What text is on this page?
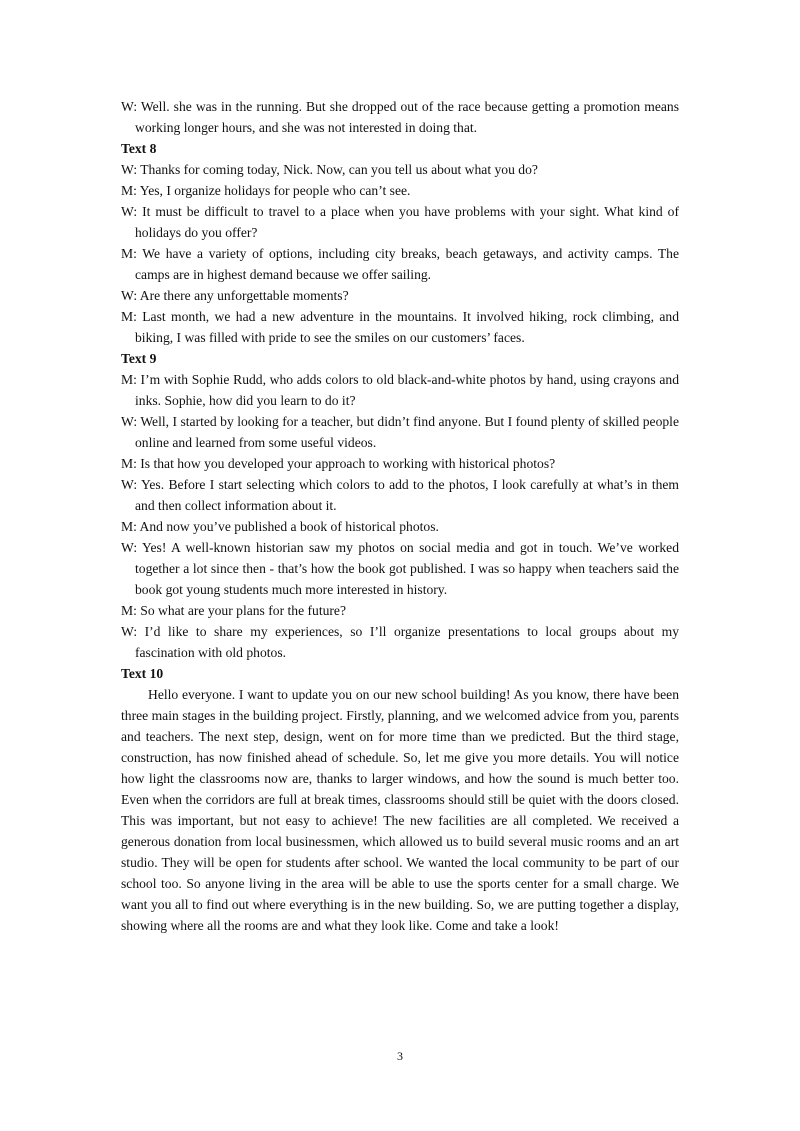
W: Well. she was in the running. But she dropped out of the race because getting a promotion means working longer hours, and she was not interested in doing that.

Text 8

W: Thanks for coming today, Nick. Now, can you tell us about what you do?

M: Yes, I organize holidays for people who can’t see.

W: It must be difficult to travel to a place when you have problems with your sight. What kind of holidays do you offer?

M: We have a variety of options, including city breaks, beach getaways, and activity camps. The camps are in highest demand because we offer sailing.

W: Are there any unforgettable moments?

M: Last month, we had a new adventure in the mountains. It involved hiking, rock climbing, and biking, I was filled with pride to see the smiles on our customers’ faces.

Text 9

M: I’m with Sophie Rudd, who adds colors to old black-and-white photos by hand, using crayons and inks. Sophie, how did you learn to do it?

W: Well, I started by looking for a teacher, but didn’t find anyone. But I found plenty of skilled people online and learned from some useful videos.

M: Is that how you developed your approach to working with historical photos?

W: Yes. Before I start selecting which colors to add to the photos, I look carefully at what’s in them and then collect information about it.

M: And now you’ve published a book of historical photos.

W: Yes! A well-known historian saw my photos on social media and got in touch. We’ve worked together a lot since then - that’s how the book got published. I was so happy when teachers said the book got young students much more interested in history.

M: So what are your plans for the future?

W: I’d like to share my experiences, so I’ll organize presentations to local groups about my fascination with old photos.

Text 10

Hello everyone. I want to update you on our new school building! As you know, there have been three main stages in the building project. Firstly, planning, and we welcomed advice from you, parents and teachers. The next step, design, went on for more time than we predicted. But the third stage, construction, has now finished ahead of schedule. So, let me give you more details. You will notice how light the classrooms now are, thanks to larger windows, and how the sound is much better too. Even when the corridors are full at break times, classrooms should still be quiet with the doors closed. This was important, but not easy to achieve! The new facilities are all completed. We received a generous donation from local businessmen, which allowed us to build several music rooms and an art studio. They will be open for students after school. We wanted the local community to be part of our school too. So anyone living in the area will be able to use the sports center for a small charge. We want you all to find out where everything is in the new building. So, we are putting together a display, showing where all the rooms are and what they look like. Come and take a look!

3
